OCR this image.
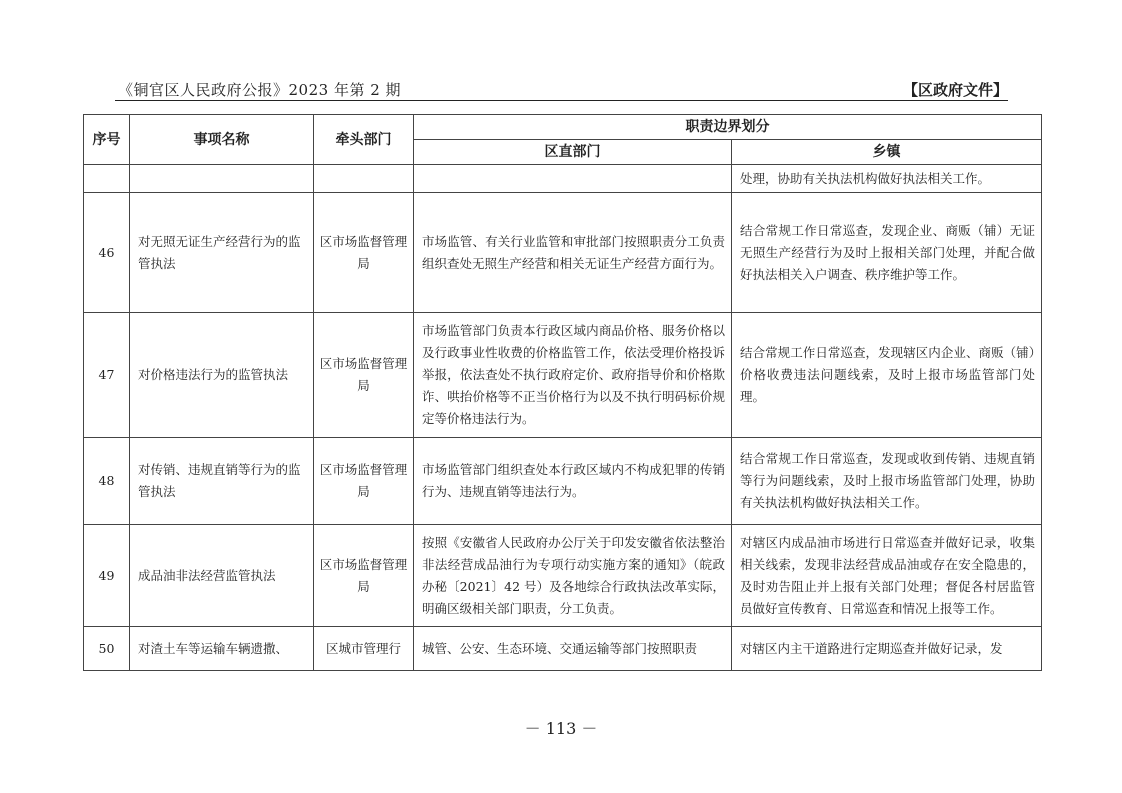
《铜官区人民政府公报》2023 年第 2 期	【区政府文件】
序号	事项名称	牵头部门	职责边界划分	
			区直部门	乡镇
				处理，协助有关执法机构做好执法相关工作。
46	对无照无证生产经营行为的监管执法	区市场监督管理局	市场监管、有关行业监管和审批部门按照职责分工负责组织查处无照生产经营和相关无证生产经营方面行为。	结合常规工作日常巡查，发现企业、商贩（铺）无证无照生产经营行为及时上报相关部门处理，并配合做好执法相关入户调查、秩序维护等工作。
47	对价格违法行为的监管执法	区市场监督管理局	市场监管部门负责本行政区域内商品价格、服务价格以及行政事业性收费的价格监管工作，依法受理价格投诉举报，依法查处不执行政府定价、政府指导价和价格欺诈、哄抬价格等不正当价格行为以及不执行明码标价规定等价格违法行为。	结合常规工作日常巡查，发现辖区内企业、商贩（铺）价格收费违法问题线索，及时上报市场监管部门处理。
48	对传销、违规直销等行为的监管执法	区市场监督管理局	市场监管部门组织查处本行政区域内不构成犯罪的传销行为、违规直销等违法行为。	结合常规工作日常巡查，发现或收到传销、违规直销等行为问题线索，及时上报市场监管部门处理，协助有关执法机构做好执法相关工作。
49	成品油非法经营监管执法	区市场监督管理局	按照《安徽省人民政府办公厅关于印发安徽省依法整治非法经营成品油行为专项行动实施方案的通知》（皖政办秘〔2021〕42 号）及各地综合行政执法改革实际，明确区级相关部门职责，分工负责。	对辖区内成品油市场进行日常巡查并做好记录，收集相关线索，发现非法经营成品油或存在安全隐患的，及时劝告阻止并上报有关部门处理；督促各村居监管员做好宣传教育、日常巡查和情况上报等工作。
50	对渣土车等运输车辆遗撒、	区城市管理行	城管、公安、生态环境、交通运输等部门按照职责	对辖区内主干道路进行定期巡查并做好记录，发
－ 113 －
